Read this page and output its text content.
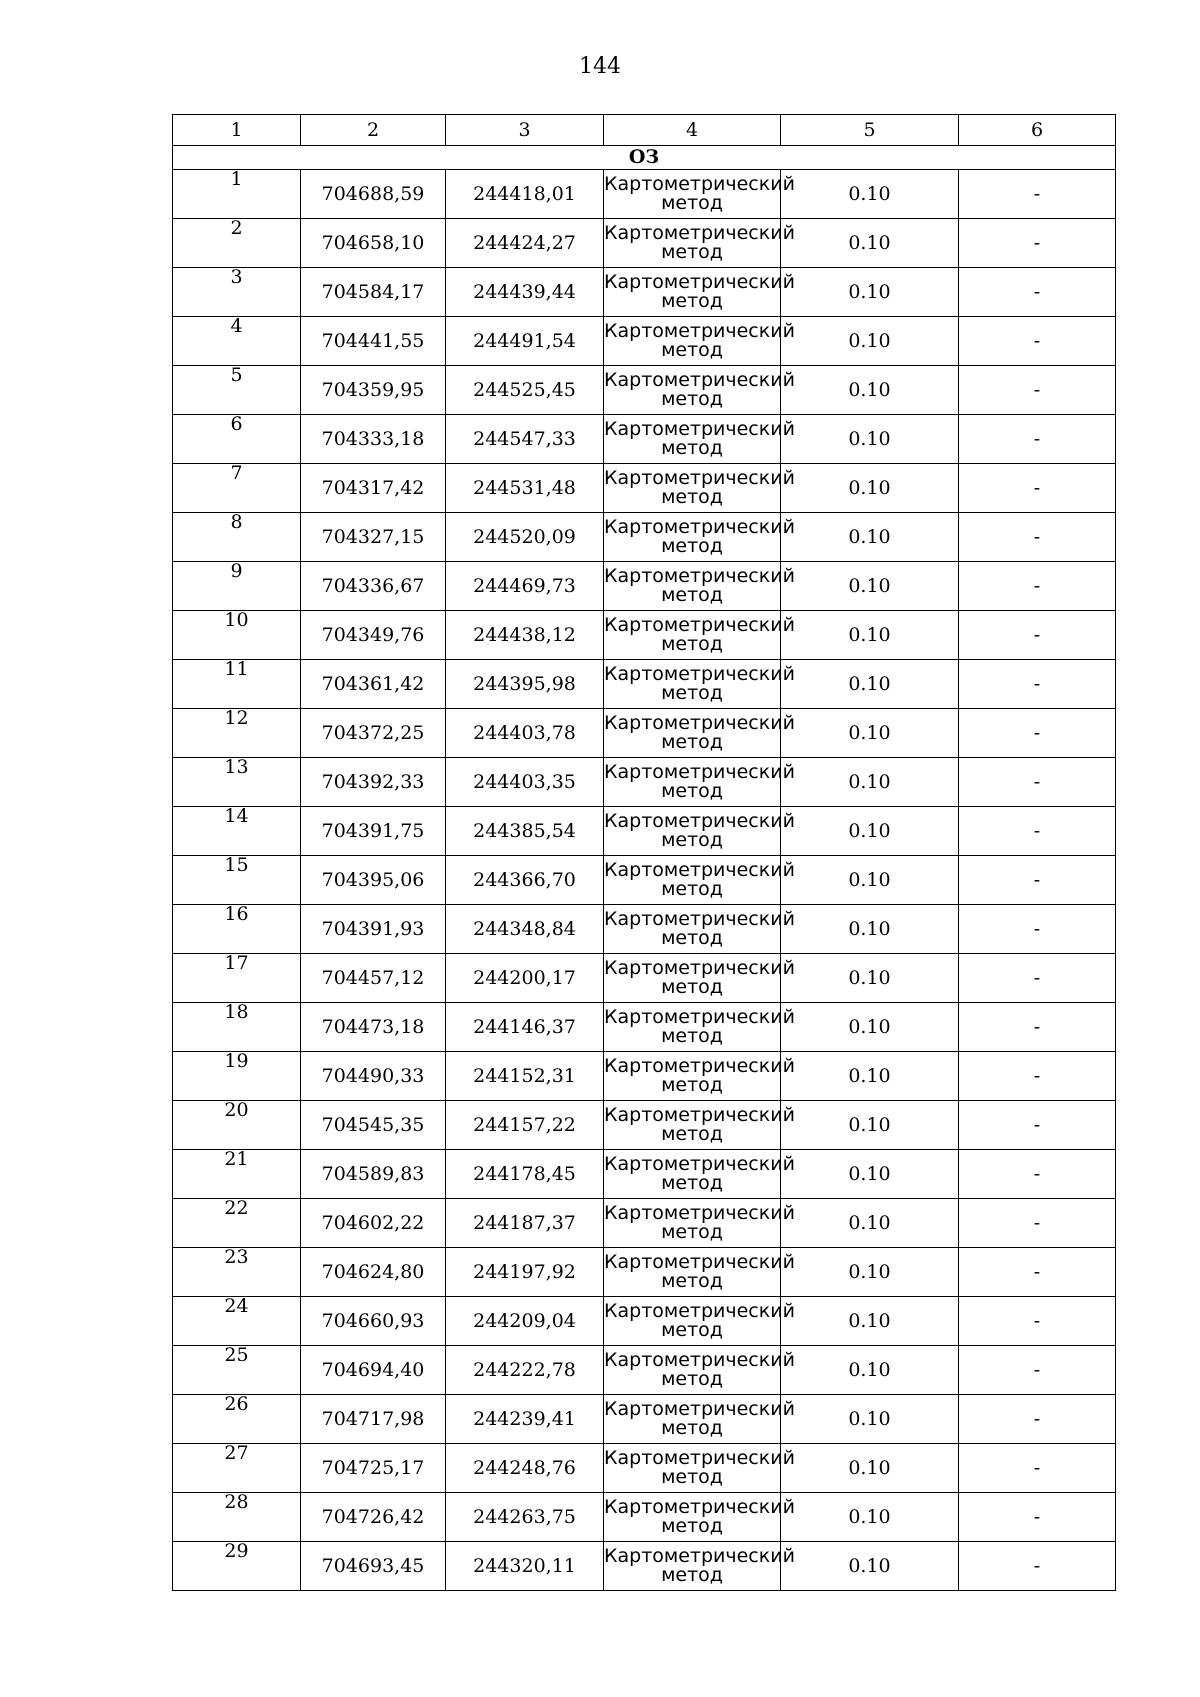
144
1	2	3	4	5	6
ОЗ					
1	704688,59	244418,01	Картометрический метод	0.10	-
2	704658,10	244424,27	Картометрический метод	0.10	-
3	704584,17	244439,44	Картометрический метод	0.10	-
4	704441,55	244491,54	Картометрический метод	0.10	-
5	704359,95	244525,45	Картометрический метод	0.10	-
6	704333,18	244547,33	Картометрический метод	0.10	-
7	704317,42	244531,48	Картометрический метод	0.10	-
8	704327,15	244520,09	Картометрический метод	0.10	-
9	704336,67	244469,73	Картометрический метод	0.10	-
10	704349,76	244438,12	Картометрический метод	0.10	-
11	704361,42	244395,98	Картометрический метод	0.10	-
12	704372,25	244403,78	Картометрический метод	0.10	-
13	704392,33	244403,35	Картометрический метод	0.10	-
14	704391,75	244385,54	Картометрический метод	0.10	-
15	704395,06	244366,70	Картометрический метод	0.10	-
16	704391,93	244348,84	Картометрический метод	0.10	-
17	704457,12	244200,17	Картометрический метод	0.10	-
18	704473,18	244146,37	Картометрический метод	0.10	-
19	704490,33	244152,31	Картометрический метод	0.10	-
20	704545,35	244157,22	Картометрический метод	0.10	-
21	704589,83	244178,45	Картометрический метод	0.10	-
22	704602,22	244187,37	Картометрический метод	0.10	-
23	704624,80	244197,92	Картометрический метод	0.10	-
24	704660,93	244209,04	Картометрический метод	0.10	-
25	704694,40	244222,78	Картометрический метод	0.10	-
26	704717,98	244239,41	Картометрический метод	0.10	-
27	704725,17	244248,76	Картометрический метод	0.10	-
28	704726,42	244263,75	Картометрический метод	0.10	-
29	704693,45	244320,11	Картометрический метод	0.10	-
